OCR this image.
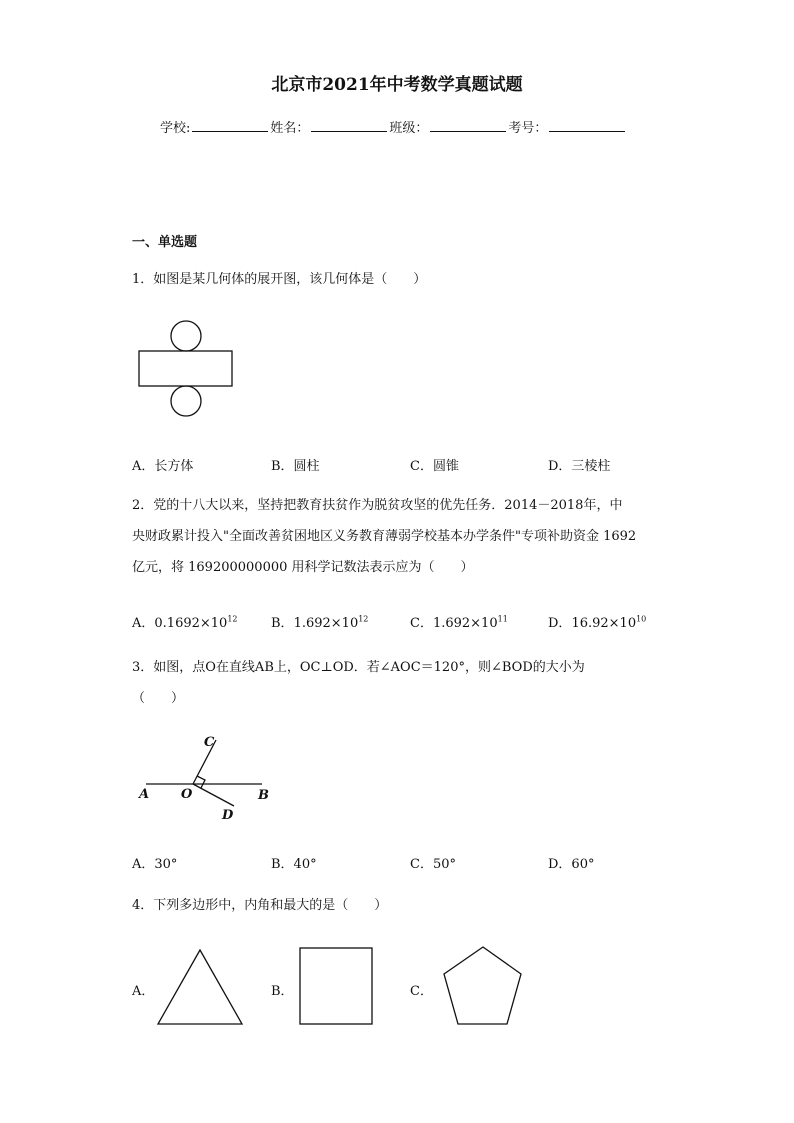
北京市2021年中考数学真题试题
学校:	姓名：	班级：	考号：
一、单选题
1．如图是某几何体的展开图，该几何体是（　　）
A．长方体	B．圆柱	C．圆锥	D．三棱柱
2．党的十八大以来，坚持把教育扶贫作为脱贫攻坚的优先任务．2014－2018年，中
央财政累计投入"全面改善贫困地区义务教育薄弱学校基本办学条件"专项补助资金 1692
亿元，将 169200000000 用科学记数法表示应为（　　）
A．$0.1692\times 10^{12}$	B．$1.692\times 10^{12}$	C．$1.692\times 10^{11}$	D．$16.92\times 10^{10}$
3．如图，点O在直线AB上，OC⊥OD．若∠AOC＝120°，则∠BOD的大小为
（　　）
A O	B
C
D
A．30°	B．40°	C．50°	D．60°
4．下列多边形中，内角和最大的是（　　）
A．	B．	C．
